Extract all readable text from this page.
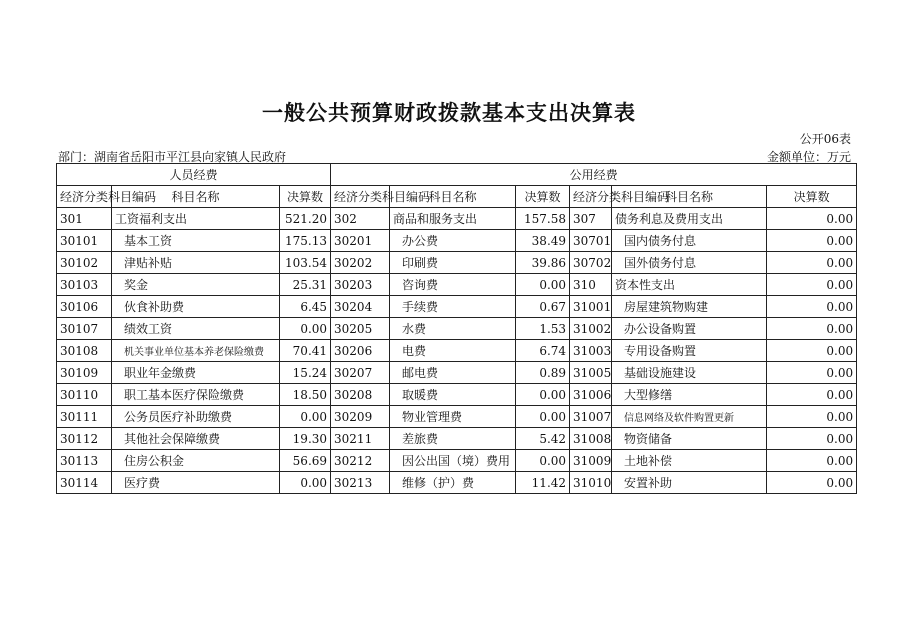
一般公共预算财政拨款基本支出决算表
公开06表
部门：湖南省岳阳市平江县向家镇人民政府	金额单位：万元
人员经费			公用经费					
经济分类科目编码	科目名称	决算数	经济分类科目编码	科目名称	决算数	经济分类科目编码	科目名称	决算数
301	工资福利支出	521.20	302	商品和服务支出	157.58	307	债务利息及费用支出	0.00
30101	基本工资	175.13	30201	办公费	38.49	30701	国内债务付息	0.00
30102	津贴补贴	103.54	30202	印刷费	39.86	30702	国外债务付息	0.00
30103	奖金	25.31	30203	咨询费	0.00	310	资本性支出	0.00
30106	伙食补助费	6.45	30204	手续费	0.67	31001	房屋建筑物购建	0.00
30107	绩效工资	0.00	30205	水费	1.53	31002	办公设备购置	0.00
30108	机关事业单位基本养老保险缴费	70.41	30206	电费	6.74	31003	专用设备购置	0.00
30109	职业年金缴费	15.24	30207	邮电费	0.89	31005	基础设施建设	0.00
30110	职工基本医疗保险缴费	18.50	30208	取暖费	0.00	31006	大型修缮	0.00
30111	公务员医疗补助缴费	0.00	30209	物业管理费	0.00	31007	信息网络及软件购置更新	0.00
30112	其他社会保障缴费	19.30	30211	差旅费	5.42	31008	物资储备	0.00
30113	住房公积金	56.69	30212	因公出国（境）费用	0.00	31009	土地补偿	0.00
30114	医疗费	0.00	30213	维修（护）费	11.42	31010	安置补助	0.00
